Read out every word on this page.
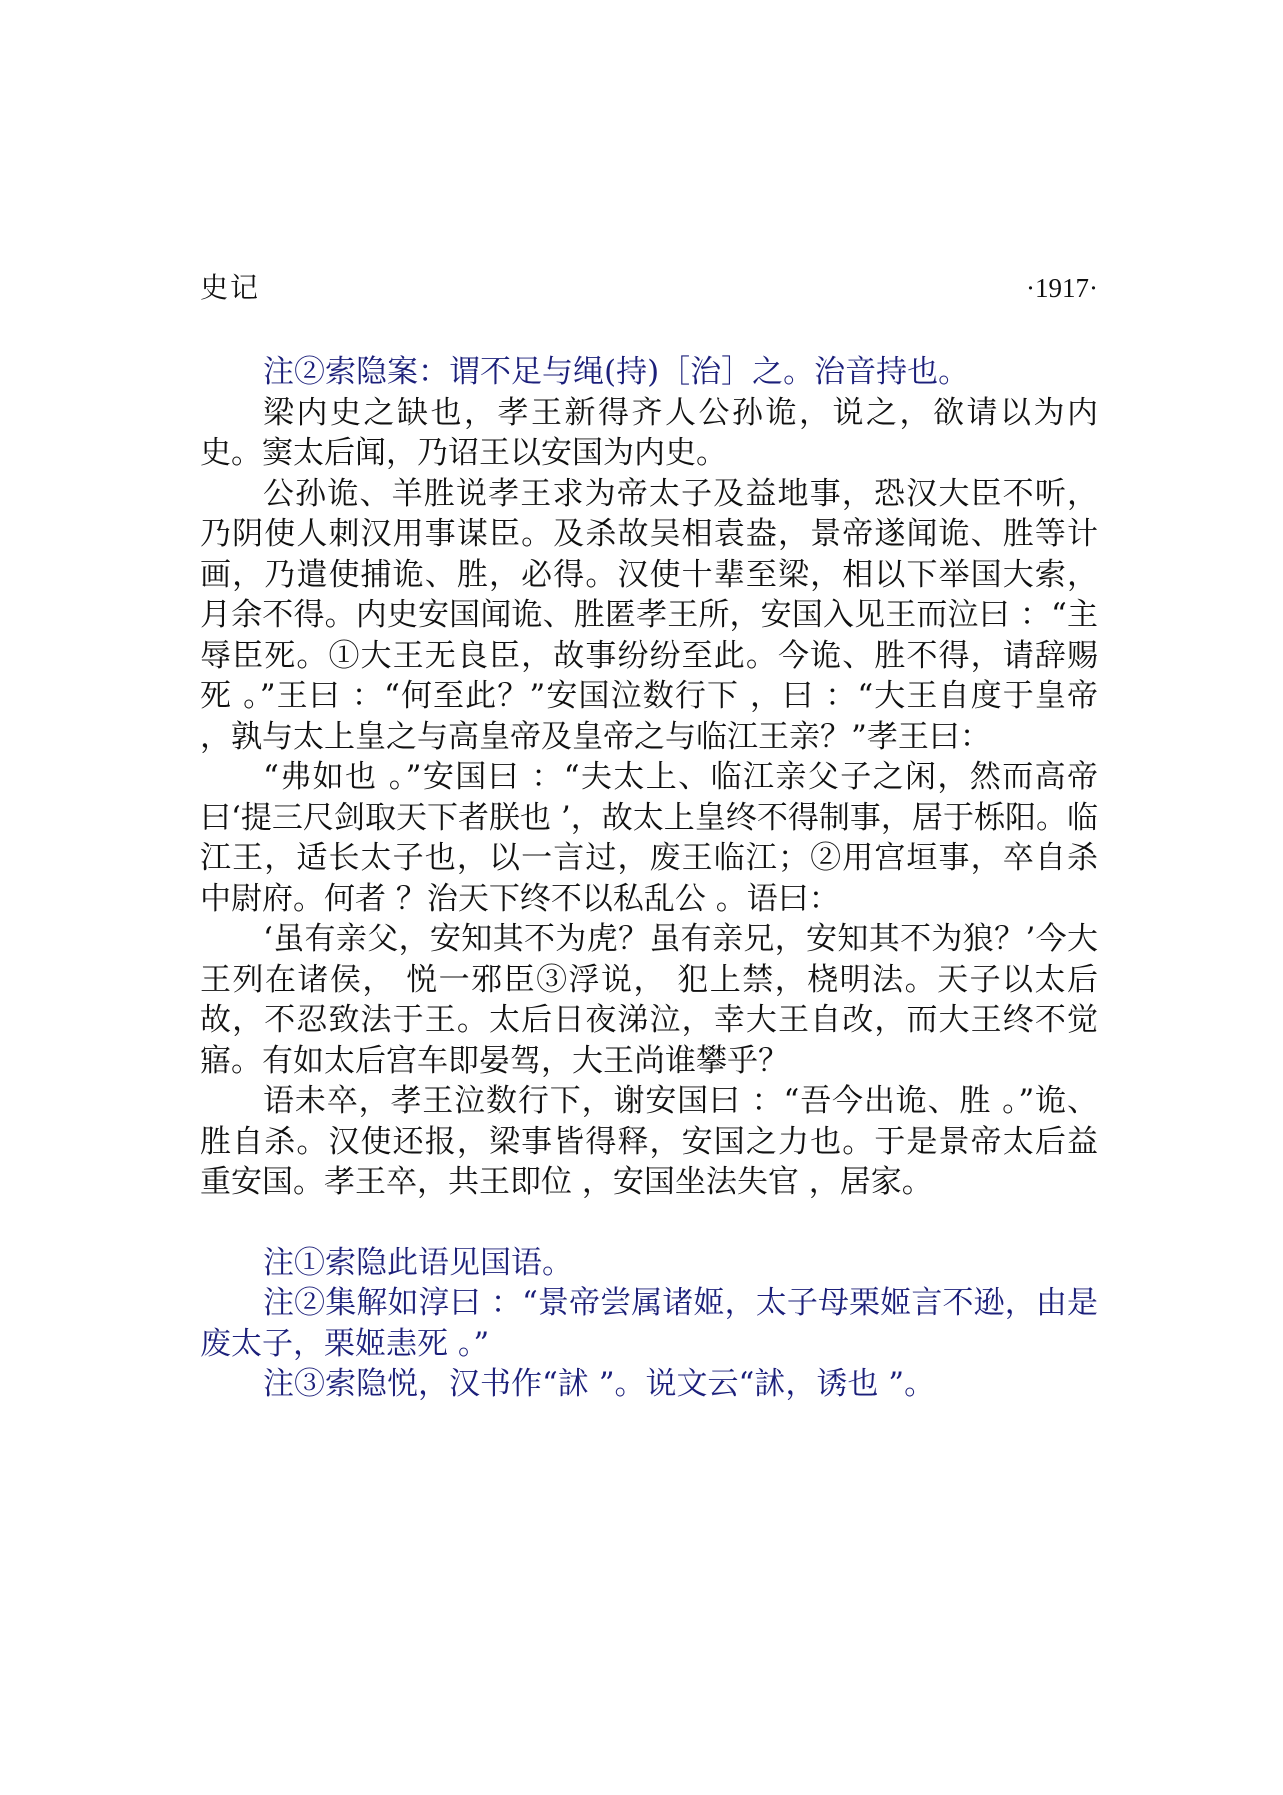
史记	·1917·

注②索隐案：谓不足与绳(持)［治］之。治音持也。

梁内史之缺也，孝王新得齐人公孙诡，说之，欲请以为内史。窦太后闻，乃诏王以安国为内史。

公孙诡、羊胜说孝王求为帝太子及益地事，恐汉大臣不听，乃阴使人刺汉用事谋臣。及杀故吴相袁盎，景帝遂闻诡、胜等计画，乃遣使捕诡、胜，必得。汉使十辈至梁，相以下举国大索，月余不得。内史安国闻诡、胜匿孝王所，安国入见王而泣曰 ：“主辱臣死。①大王无良臣，故事纷纷至此。今诡、胜不得，请辞赐死 。”王曰 ：“何至此？”安国泣数行下 ，曰 ：“大王自度于皇帝 ，孰与太上皇之与高皇帝及皇帝之与临江王亲？”孝王曰：

“弗如也 。”安国曰 ：“夫太上、临江亲父子之闲，然而高帝曰‘提三尺剑取天下者朕也 ’，故太上皇终不得制事，居于栎阳。临江王，适长太子也，以一言过，废王临江；②用宫垣事，卒自杀中尉府。何者 ？治天下终不以私乱公 。语曰：

‘虽有亲父，安知其不为虎？虽有亲兄，安知其不为狼？’今大王列在诸侯， 悦一邪臣③浮说， 犯上禁，桡明法。天子以太后故，不忍致法于王。太后日夜涕泣，幸大王自改，而大王终不觉寤。有如太后宫车即晏驾，大王尚谁攀乎？

语未卒，孝王泣数行下，谢安国曰 ：“吾今出诡、胜 。”诡、胜自杀。汉使还报，梁事皆得释，安国之力也。于是景帝太后益重安国。孝王卒，共王即位 ，安国坐法失官 ，居家。

注①索隐此语见国语。

注②集解如淳曰 ：“景帝尝属诸姬，太子母栗姬言不逊，由是废太子，栗姬恚死 。”

注③索隐悦，汉书作“訹 ”。说文云“訹，诱也 ”。
